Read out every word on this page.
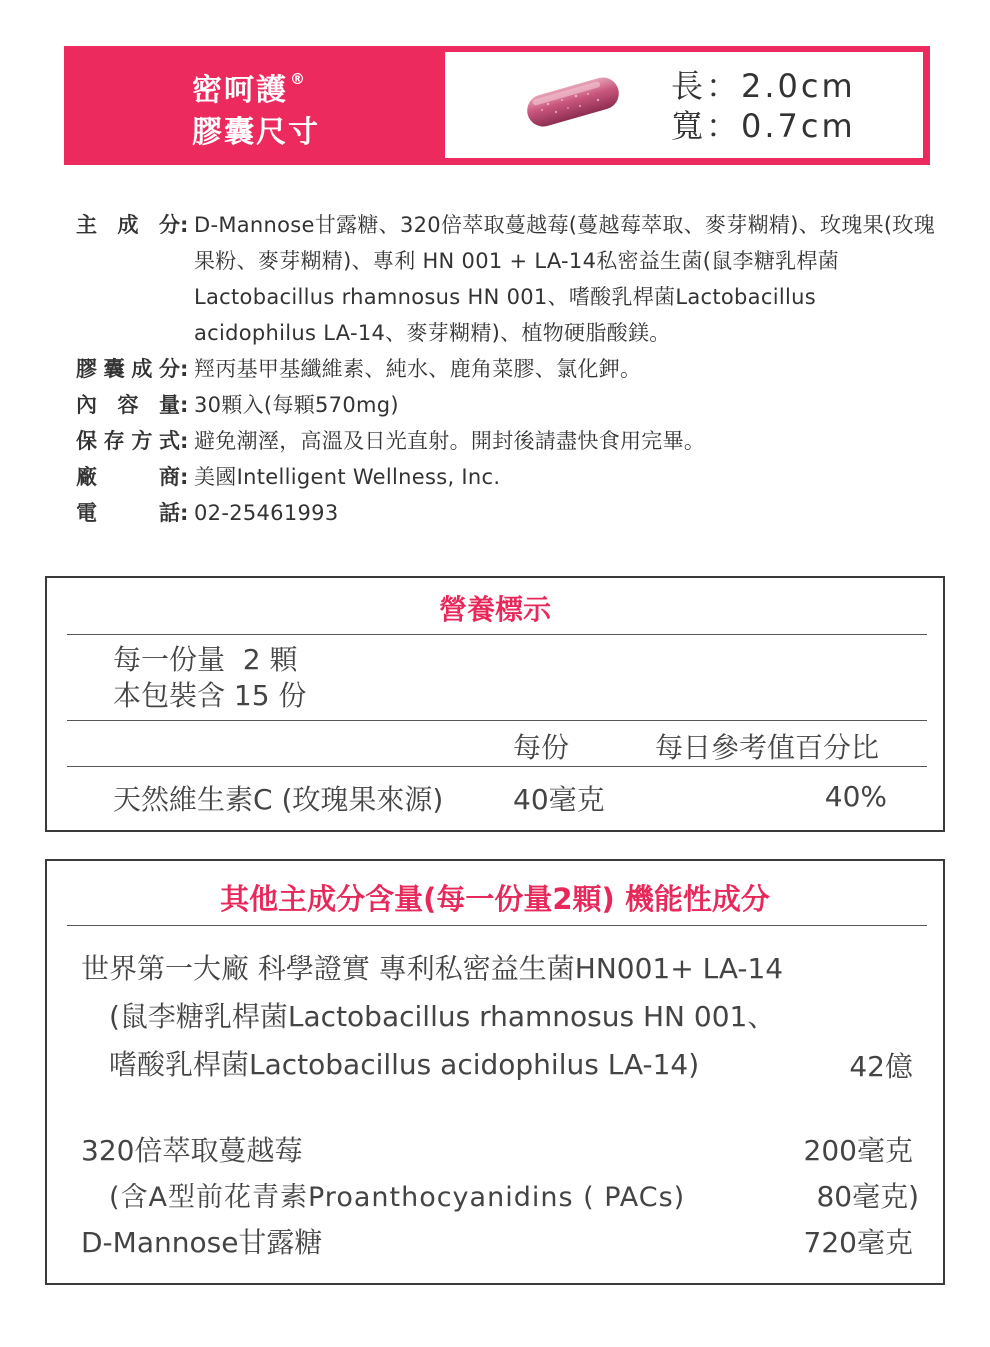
密呵護 ®
膠囊尺寸
長：2.0cm
寬：0.7cm
主成分 : D-Mannose甘露糖、320倍萃取蔓越莓(蔓越莓萃取、麥芽糊精)、玫瑰果(玫瑰果粉、麥芽糊精)、專利 HN 001 + LA-14私密益生菌(鼠李糖乳桿菌Lactobacillus rhamnosus HN 001、嗜酸乳桿菌Lactobacillus acidophilus LA-14、麥芽糊精)、植物硬脂酸鎂。
膠囊成分 : 羥丙基甲基纖維素、純水、鹿角菜膠、氯化鉀。
內容量 : 30顆入(每顆570mg)
保存方式 : 避免潮溼，高溫及日光直射。開封後請盡快食用完畢。
廠商 : 美國Intelligent Wellness, Inc.
電話 : 02-25461993
營養標示
每一份量  2 顆
本包裝含 15 份
每份	每日參考值百分比
天然維生素C (玫瑰果來源) 40毫克	40%
其他主成分含量(每一份量2顆) 機能性成分
世界第一大廠 科學證實 專利私密益生菌HN001+ LA-14
(鼠李糖乳桿菌Lactobacillus rhamnosus HN 001、
嗜酸乳桿菌Lactobacillus acidophilus LA-14)	42億
320倍萃取蔓越莓	200毫克
(含A型前花青素Proanthocyanidins ( PACs)	80毫克)
D-Mannose甘露糖	720毫克
